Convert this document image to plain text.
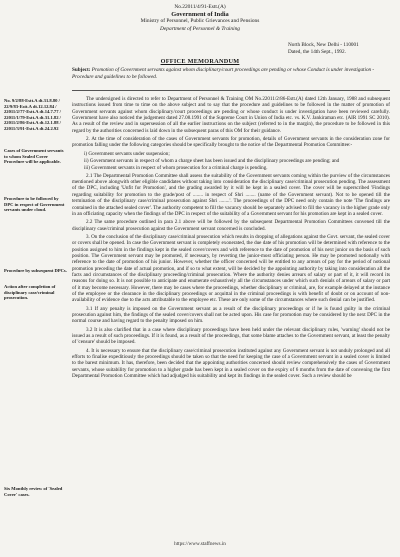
No.22011/4/91-Estt.(A)
Government of India
Ministry of Personnel, Public Grievances and Pensions
Department of Personnel & Training
North Block, New Delhi - 110001
Dated, the 14th Sept., 1992.
OFFICE MEMORANDUM
Subject: Promotion of Government servants against whom disciplinary/court proceedings are pending or whose Conduct is under investigation - Procedure and guidelines to be followed.
No. 9/2/88-Estt.A dt.31.8.80 / 22/9/83-Estt.A dt.12.12.84 / 22011/2/77-Estt.A dt.14.7.77 / 22011/1/79-Estt.A dt.31.1.82 / 22011/2/86-Estt.A dt.12.1.88 / 22011/3/91-Estt.A dt.24.2.92
Cases of Government servants to whom Sealed Cover Procedure will be applicable.
Procedure to be followed by DPC in respect of Government servants under cloud.
Procedure by subsequent DPCs.
Action after completion of disciplinary case/criminal prosecution.
Six Monthly review of 'Sealed Cover' cases.

The undersigned is directed to refer to Department of Personnel & Training OM No.22011/2/86-Estt.(A) dated 12th January, 1988 and subsequent instructions issued from time to time on the above subject and to say that the procedure and guidelines to be followed in the matter of promotion of Government servants against whom disciplinary/court proceedings are pending or whose conduct is under investigation have been reviewed carefully. Government have also noticed the judgement dated 27.08.1991 of the Supreme Court in Union of India etc. vs. K.V. Jankiraman etc. (AIR 1991 SC 2010). As a result of the review and in supersession of all the earlier instructions on the subject (referred to in the margin), the procedure to be followed in this regard by the authorities concerned is laid down in the subsequent paras of this OM for their guidance.

2. At the time of consideration of the cases of Government servants for promotion, details of Government servants in the consideration zone for promotion falling under the following categories should be specifically brought to the notice of the Departmental Promotion Committee:-

i) Government servants under suspension;

ii) Government servants in respect of whom a charge sheet has been issued and the disciplinary proceedings are pending; and

iii) Government servants in respect of whom prosecution for a criminal charge is pending.

2.1 The Departmental Promotion Committee shall assess the suitability of the Government servants coming within the purview of the circumstances mentioned above alongwith other eligible candidates without taking into consideration the disciplinary case/criminal prosecution pending. The assessment of the DPC, including 'Unfit for Promotion', and the grading awarded by it will be kept in a sealed cover. The cover will be superscribed 'Findings regarding suitability for promotion to the grade/post of ........ in respect of Shri ........ (name of the Government servant). Not to be opened till the termination of the disciplinary case/criminal prosecution against Shri ........'. The proceedings of the DPC need only contain the note 'The findings are contained in the attached sealed cover'. The authority competent to fill the vacancy should be separately advised to fill the vacancy in the higher grade only in an officiating capacity when the findings of the DPC in respect of the suitability of a Government servant for his promotion are kept in a sealed cover.

2.2 The same procedure outlined in para 2.1 above will be followed by the subsequent Departmental Promotion Committees convened till the disciplinary case/criminal prosecution against the Government servant concerned is concluded.

3. On the conclusion of the disciplinary case/criminal prosecution which results in dropping of allegations against the Govt. servant, the sealed cover or covers shall be opened. In case the Government servant is completely exonerated, the due date of his promotion will be determined with reference to the position assigned to him in the findings kept in the sealed cover/covers and with reference to the date of promotion of his next junior on the basis of such position. The Government servant may be promoted, if necessary, by reverting the junior-most officiating person. He may be promoted notionally with reference to the date of promotion of his junior. However, whether the officer concerned will be entitled to any arrears of pay for the period of notional promotion preceding the date of actual promotion, and if so to what extent, will be decided by the appointing authority by taking into consideration all the facts and circumstances of the disciplinary proceeding/criminal prosecution. Where the authority denies arrears of salary or part of it, it will record its reasons for doing so. It is not possible to anticipate and enumerate exhaustively all the circumstances under which such denials of arrears of salary or part of it may become necessary. However, there may be cases where the proceedings, whether disciplinary or criminal, are, for example delayed at the instance of the employee or the clearance in the disciplinary proceedings or acquittal in the criminal proceedings is with benefit of doubt or on account of non-availability of evidence due to the acts attributable to the employee etc. These are only some of the circumstances where such denial can be justified.

3.1 If any penalty is imposed on the Government servant as a result of the disciplinary proceedings or if he is found guilty in the criminal prosecution against him, the findings of the sealed cover/covers shall not be acted upon. His case for promotion may be considered by the next DPC in the normal course and having regard to the penalty imposed on him.

3.2 It is also clarified that in a case where disciplinary proceedings have been held under the relevant disciplinary rules, 'warning' should not be issued as a result of such proceedings. If it is found, as a result of the proceedings, that some blame attaches to the Government servant, at least the penalty of 'censure' should be imposed.

4. It is necessary to ensure that the disciplinary case/criminal prosecution instituted against any Government servant is not unduly prolonged and all efforts to finalise expeditiously the proceedings should be taken so that the need for keeping the case of a Government servant in a sealed cover is limited to the barest minimum. It has, therefore, been decided that the appointing authorities concerned should review comprehensively the cases of Government servants, whose suitability for promotion to a higher grade has been kept in a sealed cover on the expiry of 6 months from the date of convening the first Departmental Promotion Committee which had adjudged his suitability and kept its findings in the sealed cover. Such a review should be

https://www.staffnews.in
